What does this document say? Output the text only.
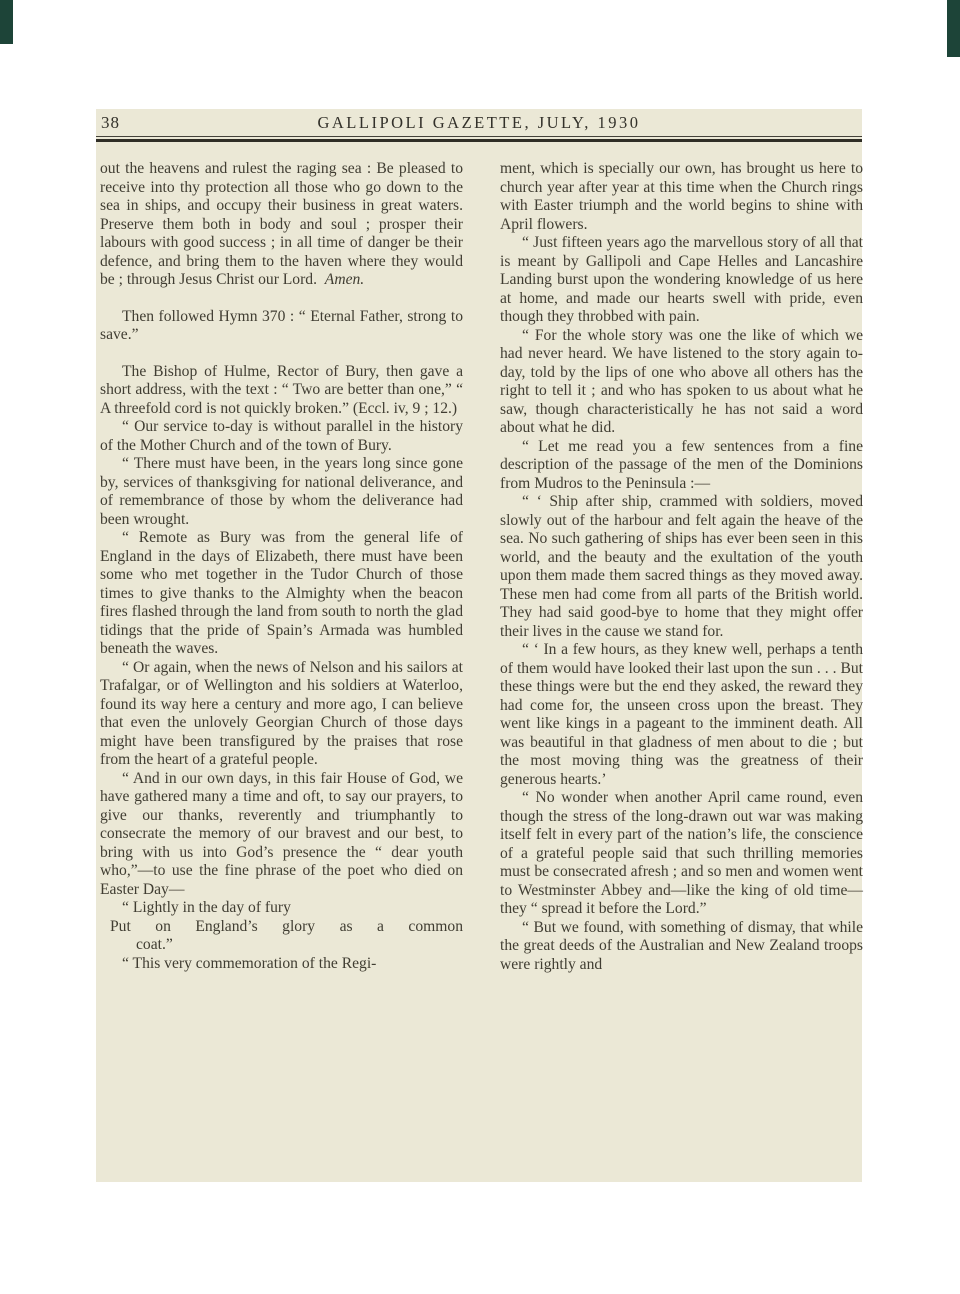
38	GALLIPOLI GAZETTE, JULY, 1930

out the heavens and rulest the raging sea : Be pleased to receive into thy protection all those who go down to the sea in ships, and occupy their business in great waters. Preserve them both in body and soul ; prosper their labours with good success ; in all time of danger be their defence, and bring them to the haven where they would be ; through Jesus Christ our Lord. Amen.

Then followed Hymn 370 : “ Eternal Father, strong to save.”

The Bishop of Hulme, Rector of Bury, then gave a short address, with the text : “ Two are better than one,” “ A threefold cord is not quickly broken.” (Eccl. iv, 9 ; 12.)

“ Our service to-day is without parallel in the history of the Mother Church and of the town of Bury.

“ There must have been, in the years long since gone by, services of thanksgiving for national deliverance, and of remembrance of those by whom the deliverance had been wrought.

“ Remote as Bury was from the general life of England in the days of Elizabeth, there must have been some who met together in the Tudor Church of those times to give thanks to the Almighty when the beacon fires flashed through the land from south to north the glad tidings that the pride of Spain’s Armada was humbled beneath the waves.

“ Or again, when the news of Nelson and his sailors at Trafalgar, or of Wellington and his soldiers at Waterloo, found its way here a century and more ago, I can believe that even the unlovely Georgian Church of those days might have been transfigured by the praises that rose from the heart of a grateful people.

“ And in our own days, in this fair House of God, we have gathered many a time and oft, to say our prayers, to give our thanks, reverently and triumphantly to consecrate the memory of our bravest and our best, to bring with us into God’s presence the “ dear youth who,”—to use the fine phrase of the poet who died on Easter Day—

“ Lightly in the day of fury

Put on England’s glory as a common

coat.”

“ This very commemoration of the Regi-

ment, which is specially our own, has brought us here to church year after year at this time when the Church rings with Easter triumph and the world begins to shine with April flowers.

“ Just fifteen years ago the marvellous story of all that is meant by Gallipoli and Cape Helles and Lancashire Landing burst upon the wondering knowledge of us here at home, and made our hearts swell with pride, even though they throbbed with pain.

“ For the whole story was one the like of which we had never heard. We have listened to the story again to-day, told by the lips of one who above all others has the right to tell it ; and who has spoken to us about what he saw, though characteristically he has not said a word about what he did.

“ Let me read you a few sentences from a fine description of the passage of the men of the Dominions from Mudros to the Peninsula :—

“ ‘ Ship after ship, crammed with soldiers, moved slowly out of the harbour and felt again the heave of the sea. No such gathering of ships has ever been seen in this world, and the beauty and the exultation of the youth upon them made them sacred things as they moved away. These men had come from all parts of the British world. They had said good-bye to home that they might offer their lives in the cause we stand for.

“ ‘ In a few hours, as they knew well, perhaps a tenth of them would have looked their last upon the sun . . . But these things were but the end they asked, the reward they had come for, the unseen cross upon the breast. They went like kings in a pageant to the imminent death. All was beautiful in that gladness of men about to die ; but the most moving thing was the greatness of their generous hearts.’

“ No wonder when another April came round, even though the stress of the long-drawn out war was making itself felt in every part of the nation’s life, the conscience of a grateful people said that such thrilling memories must be consecrated afresh ; and so men and women went to Westminster Abbey and—like the king of old time—they “ spread it before the Lord.”

“ But we found, with something of dismay, that while the great deeds of the Australian and New Zealand troops were rightly and
